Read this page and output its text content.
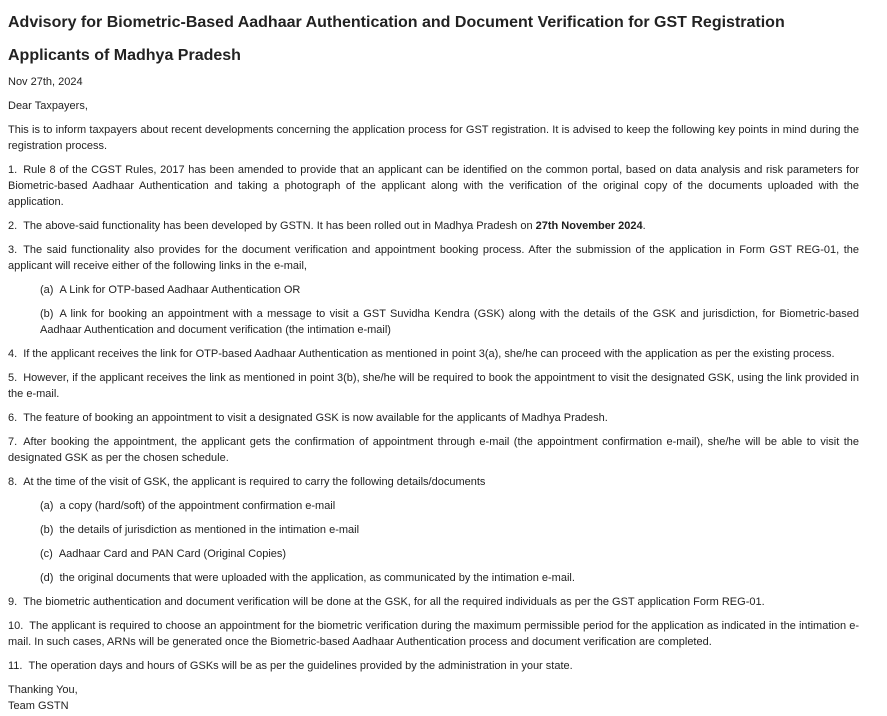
Advisory for Biometric-Based Aadhaar Authentication and Document Verification for GST Registration Applicants of Madhya Pradesh
Nov 27th, 2024
Dear Taxpayers,

This is to inform taxpayers about recent developments concerning the application process for GST registration. It is advised to keep the following key points in mind during the registration process.

1. Rule 8 of the CGST Rules, 2017 has been amended to provide that an applicant can be identified on the common portal, based on data analysis and risk parameters for Biometric-based Aadhaar Authentication and taking a photograph of the applicant along with the verification of the original copy of the documents uploaded with the application.

2. The above-said functionality has been developed by GSTN. It has been rolled out in Madhya Pradesh on 27th November 2024.

3. The said functionality also provides for the document verification and appointment booking process. After the submission of the application in Form GST REG-01, the applicant will receive either of the following links in the e-mail,

(a) A Link for OTP-based Aadhaar Authentication OR
(b) A link for booking an appointment with a message to visit a GST Suvidha Kendra (GSK) along with the details of the GSK and jurisdiction, for Biometric-based Aadhaar Authentication and document verification (the intimation e-mail)

4. If the applicant receives the link for OTP-based Aadhaar Authentication as mentioned in point 3(a), she/he can proceed with the application as per the existing process.

5. However, if the applicant receives the link as mentioned in point 3(b), she/he will be required to book the appointment to visit the designated GSK, using the link provided in the e-mail.

6. The feature of booking an appointment to visit a designated GSK is now available for the applicants of Madhya Pradesh.

7. After booking the appointment, the applicant gets the confirmation of appointment through e-mail (the appointment confirmation e-mail), she/he will be able to visit the designated GSK as per the chosen schedule.

8. At the time of the visit of GSK, the applicant is required to carry the following details/documents

(a) a copy (hard/soft) of the appointment confirmation e-mail
(b) the details of jurisdiction as mentioned in the intimation e-mail
(c) Aadhaar Card and PAN Card (Original Copies)
(d) the original documents that were uploaded with the application, as communicated by the intimation e-mail.

9. The biometric authentication and document verification will be done at the GSK, for all the required individuals as per the GST application Form REG-01.

10. The applicant is required to choose an appointment for the biometric verification during the maximum permissible period for the application as indicated in the intimation e-mail. In such cases, ARNs will be generated once the Biometric-based Aadhaar Authentication process and document verification are completed.

11. The operation days and hours of GSKs will be as per the guidelines provided by the administration in your state.

Thanking You,
Team GSTN
